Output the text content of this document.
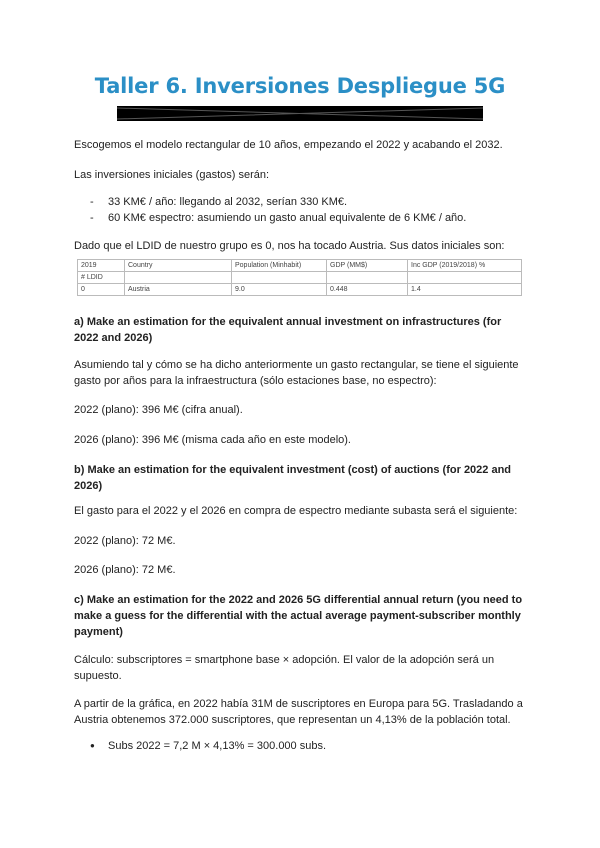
Taller 6. Inversiones Despliegue 5G

Escogemos el modelo rectangular de 10 años, empezando el 2022 y acabando el 2032.

Las inversiones iniciales (gastos) serán:

- 33 KM€ / año: llegando al 2032, serían 330 KM€.
- 60 KM€ espectro: asumiendo un gasto anual equivalente de 6 KM€ / año.

Dado que el LDID de nuestro grupo es 0, nos ha tocado Austria. Sus datos iniciales son:

2019	Country	Population (Minhabit)	GDP (MM$)	Inc GDP (2019/2018) %
# LDID				
0	Austria	9.0	0.448	1.4

a) Make an estimation for the equivalent annual investment on infrastructures (for

2022 and 2026)

Asumiendo tal y cómo se ha dicho anteriormente un gasto rectangular, se tiene el siguiente

gasto por años para la infraestructura (sólo estaciones base, no espectro):

2022 (plano): 396 M€ (cifra anual).

2026 (plano): 396 M€ (misma cada año en este modelo).

b) Make an estimation for the equivalent investment (cost) of auctions (for 2022 and

2026)

El gasto para el 2022 y el 2026 en compra de espectro mediante subasta será el siguiente:

2022 (plano): 72 M€.

2026 (plano): 72 M€.

c) Make an estimation for the 2022 and 2026 5G differential annual return (you need to

make a guess for the differential with the actual average payment-subscriber monthly

payment)

Cálculo: subscriptores = smartphone base × adopción. El valor de la adopción será un

supuesto.

A partir de la gráfica, en 2022 había 31M de suscriptores en Europa para 5G. Trasladando a

Austria obtenemos 372.000 suscriptores, que representan un 4,13% de la población total.

● Subs 2022 = 7,2 M × 4,13% = 300.000 subs.
